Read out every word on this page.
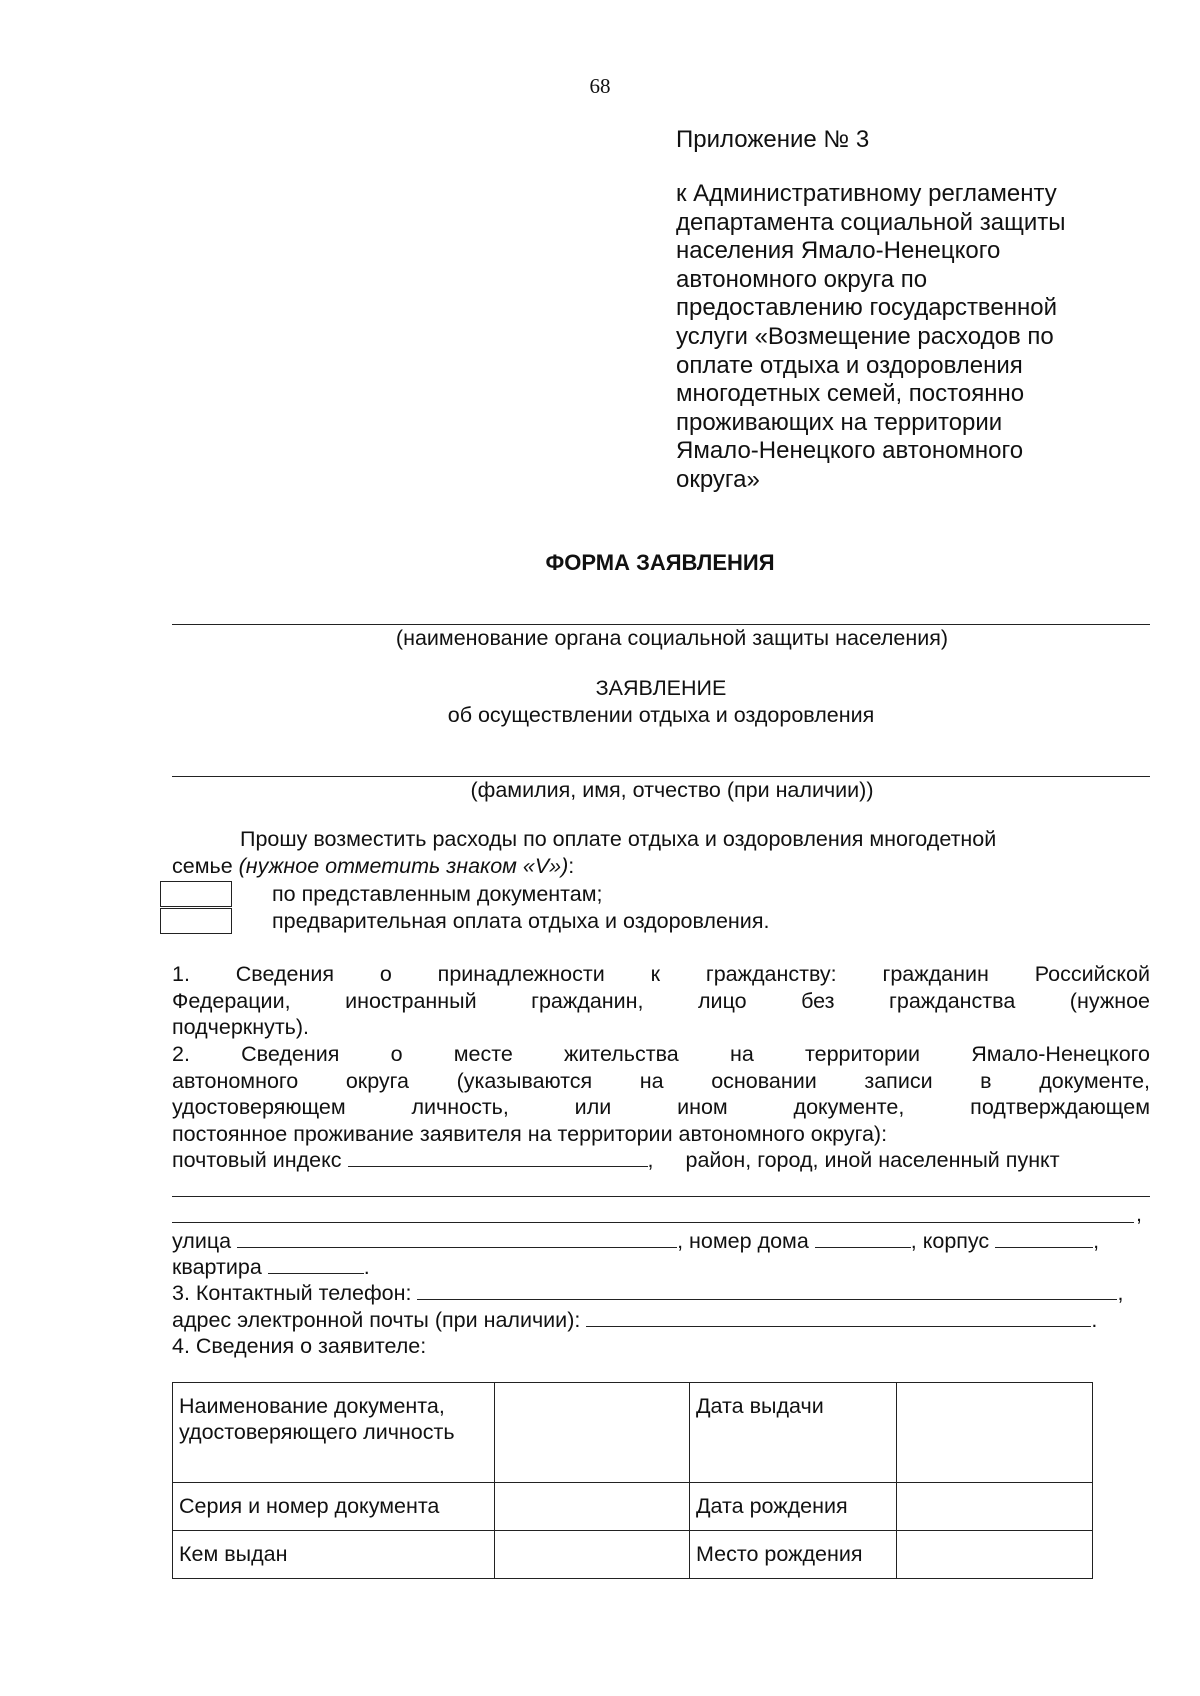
68
Приложение № 3
к Административному регламенту
департамента социальной защиты
населения Ямало-Ненецкого
автономного округа по
предоставлению государственной
услуги «Возмещение расходов по
оплате отдыха и оздоровления
многодетных семей, постоянно
проживающих на территории
Ямало-Ненецкого автономного
округа»
ФОРМА ЗАЯВЛЕНИЯ
(наименование органа социальной защиты населения)
ЗАЯВЛЕНИЕ
об осуществлении отдыха и оздоровления
(фамилия, имя, отчество (при наличии))
Прошу возместить расходы по оплате отдыха и оздоровления многодетной
семье (нужное отметить знаком «V»):
по представленным документам;
предварительная оплата отдыха и оздоровления.
1. Сведения о принадлежности к гражданству: гражданин Российской
Федерации, иностранный гражданин, лицо без гражданства (нужное
подчеркнуть).
2. Сведения о месте жительства на территории Ямало-Ненецкого
автономного округа (указываются на основании записи в документе,
удостоверяющем личность, или ином документе, подтверждающем
постоянное проживание заявителя на территории автономного округа):
почтовый индекс	, район, город, иной населенный пункт
,
улица	, номер дома	, корпус	,
квартира	.
3. Контактный телефон:	,
адрес электронной почты (при наличии):	.
4. Сведения о заявителе:
Наименование документа, удостоверяющего личность		Дата выдачи	
Серия и номер документа		Дата рождения	
Кем выдан		Место рождения	
